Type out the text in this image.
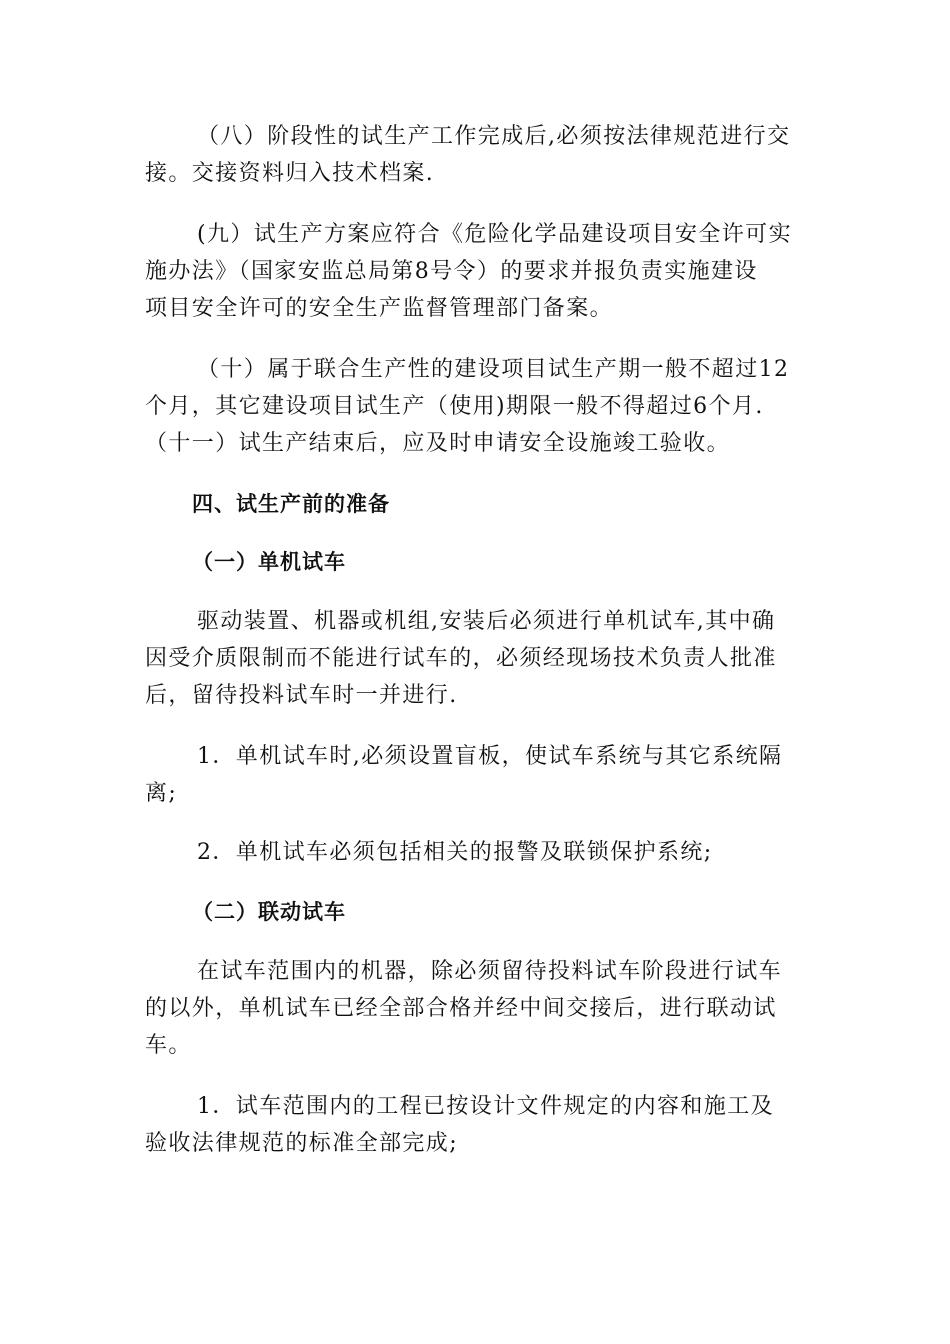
（八）阶段性的试生产工作完成后,必须按法律规范进行交
接。交接资料归入技术档案.
(九）试生产方案应符合《危险化学品建设项目安全许可实
施办法》（国家安监总局第8号令）的要求并报负责实施建设
项目安全许可的安全生产监督管理部门备案。
（十）属于联合生产性的建设项目试生产期一般不超过12
个月，其它建设项目试生产（使用)期限一般不得超过6个月.
（十一）试生产结束后，应及时申请安全设施竣工验收。
四、试生产前的准备
（一）单机试车
驱动装置、机器或机组,安装后必须进行单机试车,其中确
因受介质限制而不能进行试车的，必须经现场技术负责人批准
后，留待投料试车时一并进行.
1．单机试车时,必须设置盲板，使试车系统与其它系统隔
离;
2．单机试车必须包括相关的报警及联锁保护系统;
（二）联动试车
在试车范围内的机器，除必须留待投料试车阶段进行试车
的以外，单机试车已经全部合格并经中间交接后，进行联动试
车。
1．试车范围内的工程已按设计文件规定的内容和施工及
验收法律规范的标准全部完成;
